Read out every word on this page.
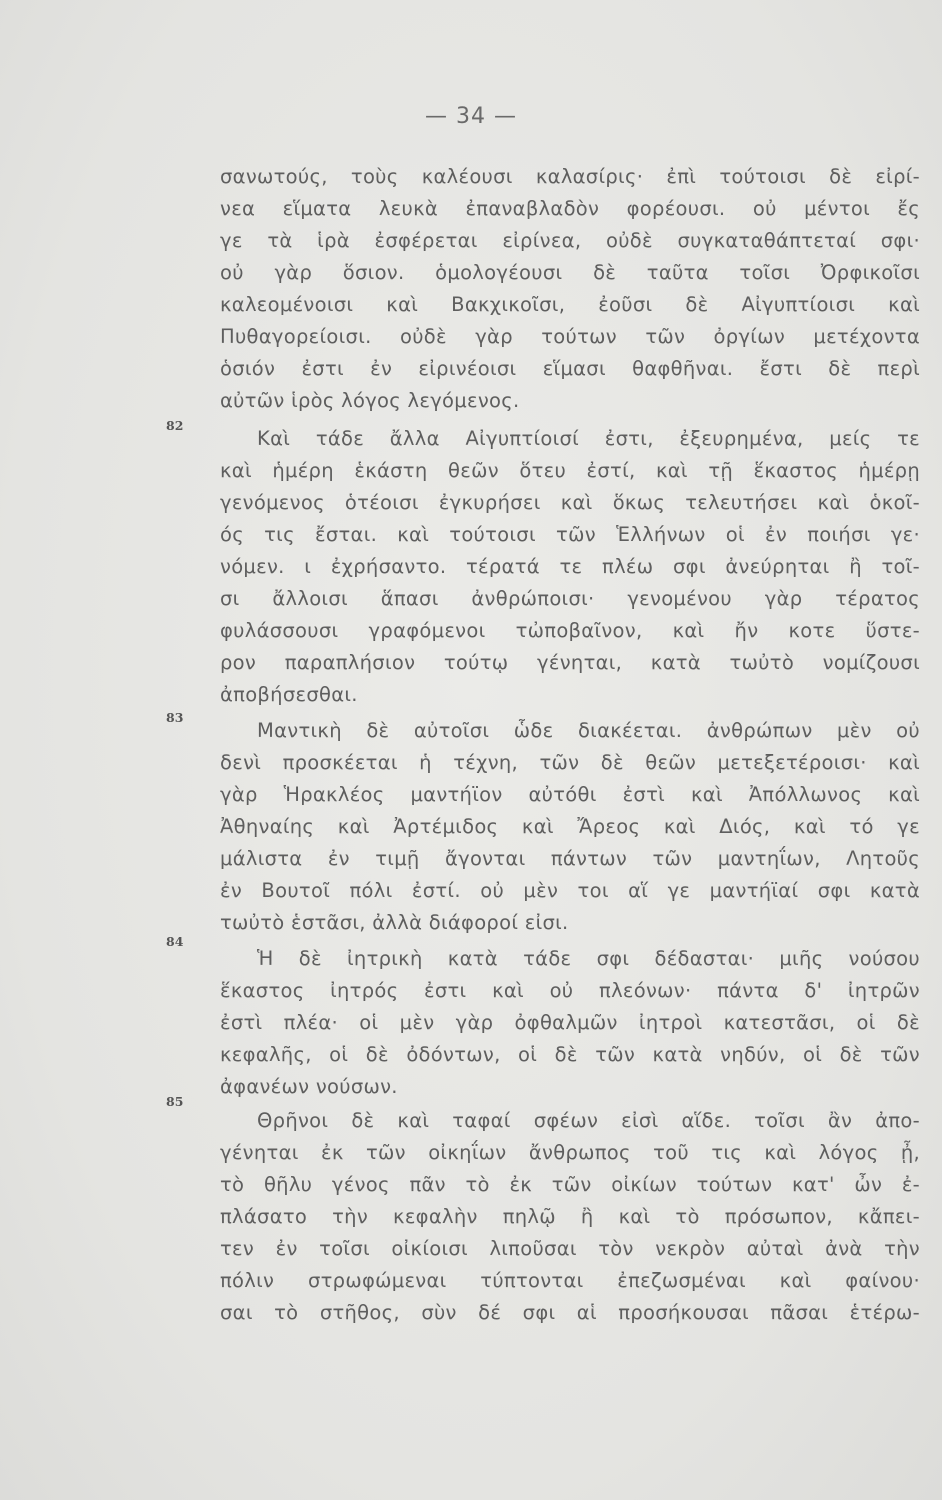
— 34 —
σανωτούς, τοὺς καλέουσι καλασίρις· ἐπὶ τούτοισι δὲ εἰρί-
νεα εἵματα λευκὰ ἐπαναβλαδὸν φορέουσι. οὐ μέντοι ἔς
γε τὰ ἱρὰ ἐσφέρεται εἰρίνεα, οὐδὲ συγκαταθάπτεταί σφι·
οὐ γὰρ ὅσιον. ὁμολογέουσι δὲ ταῦτα τοῖσι Ὀρφικοῖσι
καλεομένοισι καὶ Βακχικοῖσι, ἐοῦσι δὲ Αἰγυπτίοισι καὶ
Πυθαγορείοισι. οὐδὲ γὰρ τούτων τῶν ὀργίων μετέχοντα
ὁσιόν ἐστι ἐν εἰρινέοισι εἵμασι θαφθῆναι. ἔστι δὲ περὶ
αὐτῶν ἱρὸς λόγος λεγόμενος.
82
Καὶ τάδε ἄλλα Αἰγυπτίοισί ἐστι, ἐξευρημένα, μείς τε
καὶ ἡμέρη ἑκάστη θεῶν ὅτευ ἐστί, καὶ τῇ ἕκαστος ἡμέρῃ
γενόμενος ὁτέοισι ἐγκυρήσει καὶ ὅκως τελευτήσει καὶ ὁκοῖ-
ός τις ἔσται. καὶ τούτοισι τῶν Ἑλλήνων οἱ ἐν ποιήσι γε·
νόμεν. ι ἐχρήσαντο. τέρατά τε πλέω σφι ἀνεύρηται ἢ τοῖ-
σι ἄλλοισι ἅπασι ἀνθρώποισι· γενομένου γὰρ τέρατος
φυλάσσουσι γραφόμενοι τὠποβαῖνον, καὶ ἤν κοτε ὕστε-
ρον παραπλήσιον τούτῳ γένηται, κατὰ τωὐτὸ νομίζουσι
ἀποβήσεσθαι.
83
Μαντικὴ δὲ αὐτοῖσι ὧδε διακέεται. ἀνθρώπων μὲν οὐ
δενὶ προσκέεται ἡ τέχνη, τῶν δὲ θεῶν μετεξετέροισι· καὶ
γὰρ Ἡρακλέος μαντήϊον αὐτόθι ἐστὶ καὶ Ἀπόλλωνος καὶ
Ἀθηναίης καὶ Ἀρτέμιδος καὶ Ἄρεος καὶ Διός, καὶ τό γε
μάλιστα ἐν τιμῇ ἄγονται πάντων τῶν μαντηΐων, Λητοῦς
ἐν Βουτοῖ πόλι ἐστί. οὐ μὲν τοι αἵ γε μαντήϊαί σφι κατὰ
τωὐτὸ ἑστᾶσι, ἀλλὰ διάφοροί εἰσι.
84
Ἡ δὲ ἰητρικὴ κατὰ τάδε σφι δέδασται· μιῆς νούσου
ἕκαστος ἰητρός ἐστι καὶ οὐ πλεόνων· πάντα δ' ἰητρῶν
ἐστὶ πλέα· οἱ μὲν γὰρ ὀφθαλμῶν ἰητροὶ κατεστᾶσι, οἱ δὲ
κεφαλῆς, οἱ δὲ ὀδόντων, οἱ δὲ τῶν κατὰ νηδύν, οἱ δὲ τῶν
ἀφανέων νούσων.
85
Θρῆνοι δὲ καὶ ταφαί σφέων εἰσὶ αἵδε. τοῖσι ἂν ἀπο-
γένηται ἐκ τῶν οἰκηΐων ἄνθρωπος τοῦ τις καὶ λόγος ᾖ,
τὸ θῆλυ γένος πᾶν τὸ ἐκ τῶν οἰκίων τούτων κατ' ὦν ἐ-
πλάσατο τὴν κεφαλὴν πηλῷ ἢ καὶ τὸ πρόσωπον, κἄπει-
τεν ἐν τοῖσι οἰκίοισι λιποῦσαι τὸν νεκρὸν αὐταὶ ἀνὰ τὴν
πόλιν στρωφώμεναι τύπτονται ἐπεζωσμέναι καὶ φαίνου·
σαι τὸ στῆθος, σὺν δέ σφι αἱ προσήκουσαι πᾶσαι ἑτέρω-
